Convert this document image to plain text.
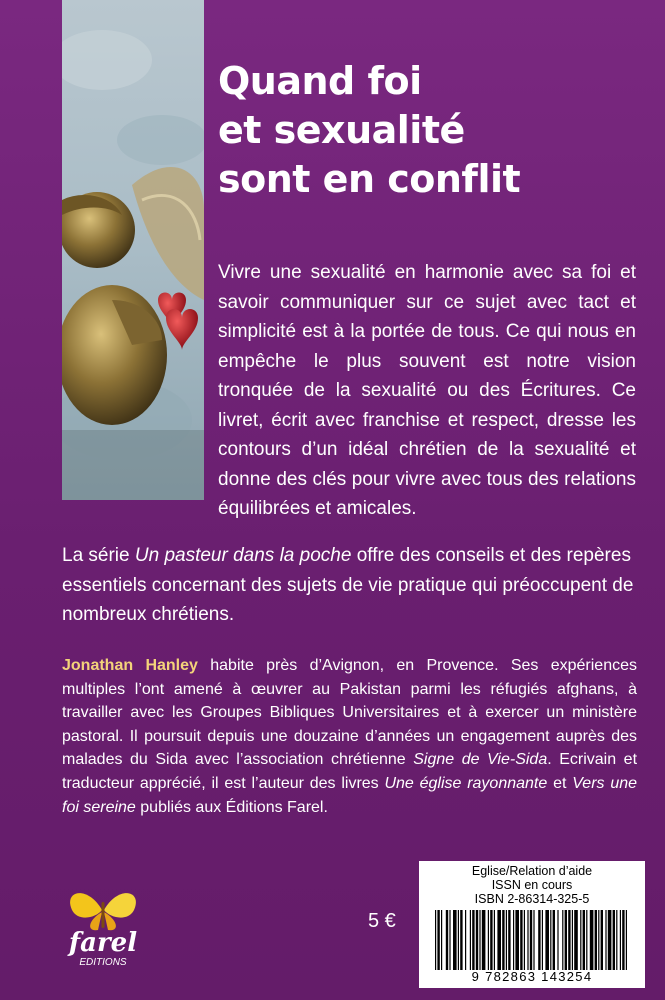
Quand foi
et sexualité
sont en conflit

Vivre une sexualité en harmonie avec sa foi et savoir communiquer sur ce sujet avec tact et simplicité est à la portée de tous. Ce qui nous en empêche le plus souvent est notre vision tronquée de la sexualité ou des Écritures. Ce livret, écrit avec franchise et respect, dresse les contours d’un idéal chrétien de la sexualité et donne des clés pour vivre avec tous des relations équilibrées et amicales.

La série Un pasteur dans la poche offre des conseils et des repères essentiels concernant des sujets de vie pratique qui préoccupent de nombreux chrétiens.

Jonathan Hanley habite près d’Avignon, en Provence. Ses expériences multiples l’ont amené à œuvrer au Pakistan parmi les réfugiés afghans, à travailler avec les Groupes Bibliques Universitaires et à exercer un ministère pastoral. Il poursuit depuis une douzaine d’années un engagement auprès des malades du Sida avec l’association chrétienne Signe de Vie-Sida. Ecrivain et traducteur apprécié, il est l’auteur des livres Une église rayonnante et Vers une foi sereine publiés aux Éditions Farel.

farel
EDITIONS
5 €

Eglise/Relation d’aide

ISSN en cours

ISBN 2-86314-325-5

9 782863 143254
